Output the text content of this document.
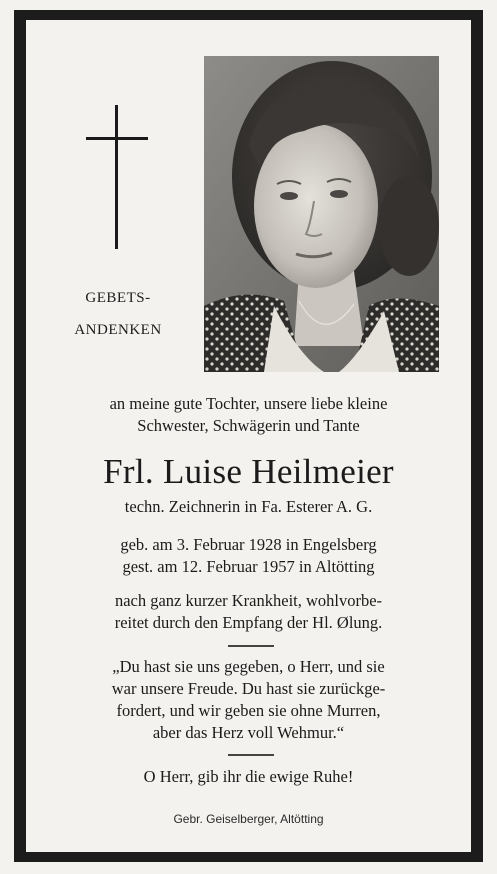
GEBETS-
ANDENKEN
an meine gute Tochter, unsere liebe kleine
Schwester, Schwägerin und Tante
Frl. Luise Heilmeier
techn. Zeichnerin in Fa. Esterer A. G.
geb. am 3. Februar 1928 in Engelsberg
gest. am 12. Februar 1957 in Altötting
nach ganz kurzer Krankheit, wohlvorbe-
reitet durch den Empfang der Hl. Ølung.
„Du hast sie uns gegeben, o Herr, und sie
war unsere Freude. Du hast sie zurückge-
fordert, und wir geben sie ohne Murren,
aber das Herz voll Wehmur.“
O Herr, gib ihr die ewige Ruhe!
Gebr. Geiselberger, Altötting
